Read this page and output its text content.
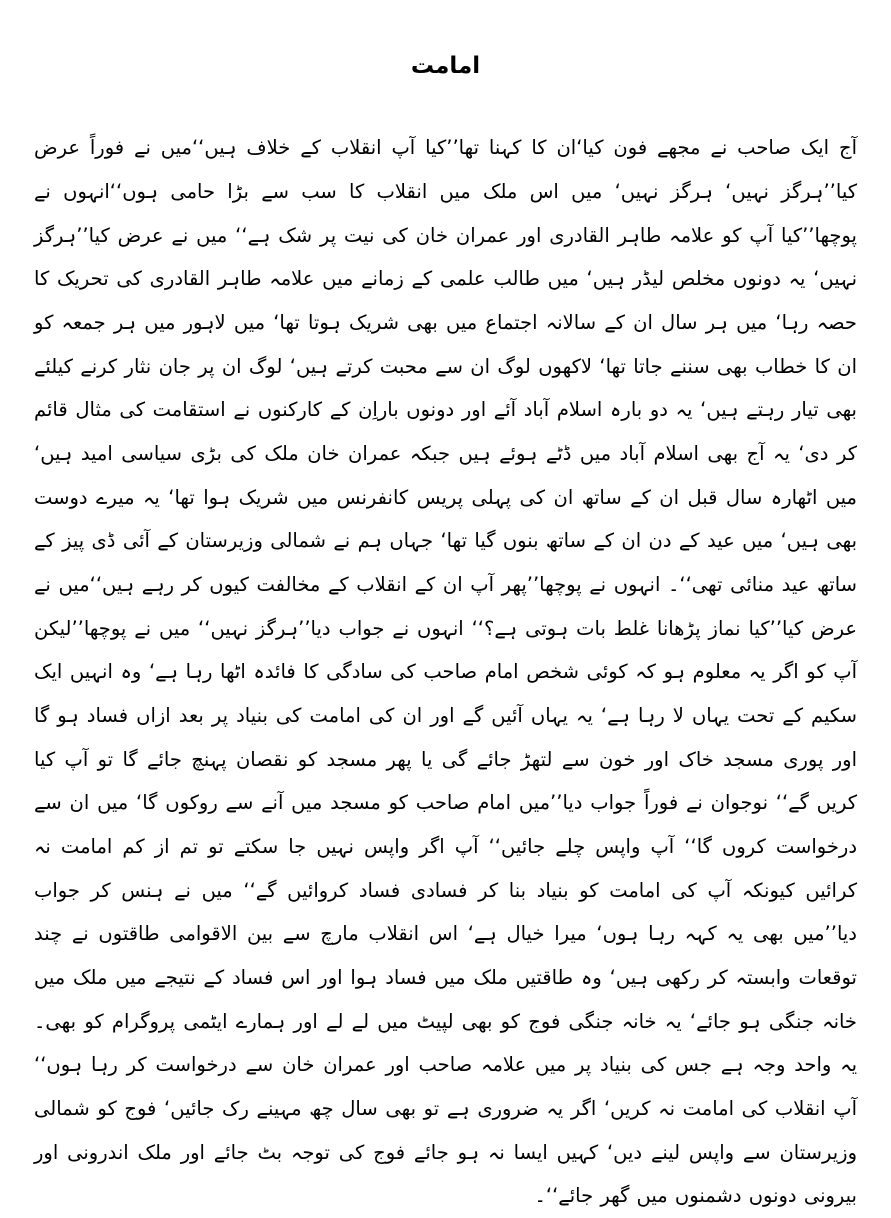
امامت

آج ایک صاحب نے مجھے فون کیا‘ان کا کہنا تھا’’کیا آپ انقلاب کے خلاف ہیں‘‘میں نے فوراً عرض کیا’’ہرگز نہیں‘ ہرگز نہیں‘ میں اس ملک میں انقلاب کا سب سے بڑا حامی ہوں‘‘انہوں نے پوچھا’’کیا آپ کو علامہ طاہر القادری اور عمران خان کی نیت پر شک ہے‘‘ میں نے عرض کیا’’ہرگز نہیں‘ یہ دونوں مخلص لیڈر ہیں‘ میں طالب علمی کے زمانے میں علامہ طاہر القادری کی تحریک کا حصہ رہا‘ میں ہر سال ان کے سالانہ اجتماع میں بھی شریک ہوتا تھا‘ میں لاہور میں ہر جمعہ کو ان کا خطاب بھی سننے جاتا تھا‘ لاکھوں لوگ ان سے محبت کرتے ہیں‘ لوگ ان پر جان نثار کرنے کیلئے بھی تیار رہتے ہیں‘ یہ دو بارہ اسلام آباد آئے اور دونوں باراِن کے کارکنوں نے استقامت کی مثال قائم کر دی‘ یہ آج بھی اسلام آباد میں ڈٹے ہوئے ہیں جبکہ عمران خان ملک کی بڑی سیاسی امید ہیں‘ میں اٹھارہ سال قبل ان کے ساتھ ان کی پہلی پریس کانفرنس میں شریک ہوا تھا‘ یہ میرے دوست بھی ہیں‘ میں عید کے دن ان کے ساتھ بنوں گیا تھا‘ جہاں ہم نے شمالی وزیرستان کے آئی ڈی پیز کے ساتھ عید منائی تھی‘‘۔ انہوں نے پوچھا’’پھر آپ ان کے انقلاب کے مخالفت کیوں کر رہے ہیں‘‘میں نے عرض کیا’’کیا نماز پڑھانا غلط بات ہوتی ہے؟‘‘ انہوں نے جواب دیا’’ہرگز نہیں‘‘ میں نے پوچھا’’لیکن آپ کو اگر یہ معلوم ہو کہ کوئی شخص امام صاحب کی سادگی کا فائدہ اٹھا رہا ہے‘ وہ انہیں ایک سکیم کے تحت یہاں لا رہا ہے‘ یہ یہاں آئیں گے اور ان کی امامت کی بنیاد پر بعد ازاں فساد ہو گا اور پوری مسجد خاک اور خون سے لتھڑ جائے گی یا پھر مسجد کو نقصان پہنچ جائے گا تو آپ کیا کریں گے‘‘ نوجوان نے فوراً جواب دیا’’میں امام صاحب کو مسجد میں آنے سے روکوں گا‘ میں ان سے درخواست کروں گا‘‘ آپ واپس چلے جائیں‘‘ آپ اگر واپس نہیں جا سکتے تو تم از کم امامت نہ کرائیں کیونکہ آپ کی امامت کو بنیاد بنا کر فسادی فساد کروائیں گے‘‘ میں نے ہنس کر جواب دیا’’میں بھی یہ کہہ رہا ہوں‘ میرا خیال ہے‘ اس انقلاب مارچ سے بین الاقوامی طاقتوں نے چند توقعات وابستہ کر رکھی ہیں‘ وہ طاقتیں ملک میں فساد ہوا اور اس فساد کے نتیجے میں ملک میں خانہ جنگی ہو جائے‘ یہ خانہ جنگی فوج کو بھی لپیٹ میں لے لے اور ہمارے ایٹمی پروگرام کو بھی۔ یہ واحد وجہ ہے جس کی بنیاد پر میں علامہ صاحب اور عمران خان سے درخواست کر رہا ہوں‘‘ آپ انقلاب کی امامت نہ کریں‘ اگر یہ ضروری ہے تو بھی سال چھ مہینے رک جائیں‘ فوج کو شمالی وزیرستان سے واپس لینے دیں‘ کہیں ایسا نہ ہو جائے فوج کی توجہ بٹ جائے اور ملک اندرونی اور بیرونی دونوں دشمنوں میں گھر جائے‘‘۔
